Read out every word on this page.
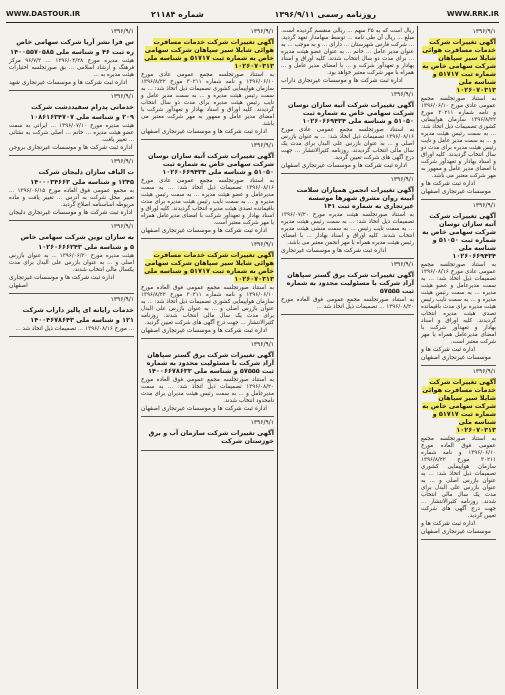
WWW.RRK.IR
روزنامه رسمی ۱۳۹۶/۹/۱۱
شماره ۲۱۱۸۴
WWW.DASTOUR.IR
۱۳۹۶/۹/۱
آگهی تغییرات شرکت خدمات مسافرت هوائی شایلا سیر سپاهان شرکت سهامی خاص به شماره ثبت ۵۱۷۱۷ و شناسه ملی ۱۰۲۶۰۷۰۳۱۳
به استناد صورتجلسه مجمع عمومی عادی مورخ ۱۳۹۶/۰۶/۱۰ و نامه شماره ۳۰۲۱۱ مورخ ۱۳۹۶/۸/۲۲ سازمان هواپیمایی کشوری تصمیمات ذیل اتخاذ شد: ... به سمت رئیس هیئت مدیره و ... به سمت مدیر عامل و نایب رئیس هیئت مدیره برای مدت دو سال انتخاب گردیدند. کلیه اوراق و اسناد بهادار و تعهدآور شرکت با امضای مدیر عامل و ممهور به مهر شرکت معتبر می باشد.
اداره ثبت شرکت ها و موسسات غیرتجاری اصفهان
۱۳۹۶/۹/۱
آگهی تغییرات شرکت آتیه سازان نوسان شرکت سهامی خاص به شماره ثبت ۵۱۰۵۰ و شناسه ملی ۱۰۲۶۰۶۶۹۴۳۴
به استناد صورتجلسه مجمع عمومی عادی مورخ ۱۳۹۶/۰۸/۱۶ تصمیمات ذیل اتخاذ شد: ... به سمت مدیرعامل و عضو هیئت مدیره ... به سمت رئیس هیئت مدیره و ... به سمت نایب رئیس هیئت مدیره برای مدت باقیمانده تصدی هیئت مدیره انتخاب گردیدند. کلیه اوراق و اسناد بهادار و تعهدآور شرکت با امضای مدیرعامل همراه با مهر شرکت معتبر است.
اداره ثبت شرکت ها و موسسات غیرتجاری اصفهان
۱۳۹۶/۹/۱
آگهی تغییرات شرکت خدمات مسافرت هوائی شایلا سیر سپاهان شرکت سهامی خاص به شماره ثبت ۵۱۷۱۷ و شناسه ملی ۱۰۲۶۰۷۰۳۱۳
به استناد صورتجلسه مجمع عمومی فوق العاده مورخ ۱۳۹۶/۰۶/۱۰ و نامه شماره ۳۰۲۱۱ مورخ ۱۳۹۶/۸/۲۲ سازمان هواپیمایی کشوری تصمیمات ذیل اتخاذ شد: ... به عنوان بازرس اصلی و ... به عنوان بازرس علی البدل برای مدت یک سال مالی انتخاب شدند. روزنامه کثیرالانتشار ... جهت درج آگهی های شرکت تعیین گردید.
اداره ثبت شرکت ها و موسسات غیرتجاری اصفهان
ریال است که به ۳۵ سهم ... ریالی منقسم گردیده است. مبلغ ... ریال آن طی نامه ... توسط سهامدار تعهد گردید. ... شرکت فارس شهرستان ... دارای ... و به موجب ... به عنوان مدیر عامل ... خانم ... به عنوان عضو هیئت مدیره ... برای مدت دو سال انتخاب شدند. کلیه اوراق و اسناد بهادار و تعهدآور شرکت و ... با امضای مدیر عامل و ... همراه با مهر شرکت معتبر خواهد بود.
اداره ثبت شرکت ها و موسسات غیرتجاری داراب
۱۳۹۶/۹/۱
آگهی تغییرات شرکت آتیه سازان نوسان شرکت سهامی خاص به شماره ثبت ۵۱۰۵۰ و شناسه ملی ۱۰۲۶۰۶۶۹۴۳۴
به استناد صورتجلسه مجمع عمومی عادی مورخ ۱۳۹۶/۰۸/۱۶ تصمیمات ذیل اتخاذ شد: ... به عنوان بازرس اصلی و ... به عنوان بازرس علی البدل برای مدت یک سال مالی انتخاب گردیدند. روزنامه کثیرالانتشار ... جهت درج آگهی های شرکت تعیین گردید.
اداره ثبت شرکت ها و موسسات غیرتجاری اصفهان
۱۳۹۶/۹/۱
آگهی تغییرات انجمن همیاران سلامت آیینه روان مشرق شهرها موسسه غیرتجاری به شماره ثبت ۱۴۱
به استناد صورتجلسه هیئت مدیره مورخ ۱۳۹۶/۰۷/۲۰ تصمیمات ذیل اتخاذ شد: ... به سمت رئیس هیئت مدیره ... به سمت نایب رئیس ... به سمت منشی هیئت مدیره انتخاب شدند. کلیه اوراق و اسناد بهادار ... با امضای رئیس هیئت مدیره همراه با مهر انجمن معتبر می باشد.
اداره ثبت شرکت ها و موسسات غیرتجاری
۱۳۹۶/۹/۱
آگهی تغییرات شرکت برق گستر سپاهان آراد شرکت با مسئولیت محدود به شماره ثبت ۵۷۵۵۵
به استناد صورتجلسه مجمع عمومی فوق العاده مورخ ۱۳۹۶/۰۸/۲۰ ... تصمیمات ذیل اتخاذ شد ...
۱۳۹۶/۹/۱
آگهی تغییرات شرکت خدمات مسافرت هوائی شایلا سیر سپاهان شرکت سهامی خاص به شماره ثبت ۵۱۷۱۷ و شناسه ملی ۱۰۲۶۰۷۰۳۱۳
به استناد صورتجلسه مجمع عمومی عادی مورخ ۱۳۹۶/۰۶/۱۰ و نامه شماره ۳۰۲۱۱ مورخ ۱۳۹۶/۸/۲۲ سازمان هواپیمایی کشوری تصمیمات ذیل اتخاذ شد: ... به سمت رئیس هیئت مدیره و ... به سمت مدیر عامل و نایب رئیس هیئت مدیره برای مدت دو سال انتخاب گردیدند. کلیه اوراق و اسناد بهادار و تعهدآور شرکت با امضای مدیر عامل و ممهور به مهر شرکت معتبر می باشد.
اداره ثبت شرکت ها و موسسات غیرتجاری اصفهان
۱۳۹۶/۹/۱
آگهی تغییرات شرکت آتیه سازان نوسان شرکت سهامی خاص به شماره ثبت ۵۱۰۵۰ و شناسه ملی ۱۰۲۶۰۶۶۹۴۳۴
به استناد صورتجلسه مجمع عمومی عادی مورخ ۱۳۹۶/۰۸/۱۶ تصمیمات ذیل اتخاذ شد: ... به سمت مدیرعامل و عضو هیئت مدیره ... به سمت رئیس هیئت مدیره و ... به سمت نایب رئیس هیئت مدیره برای مدت باقیمانده تصدی هیئت مدیره انتخاب گردیدند. کلیه اوراق و اسناد بهادار و تعهدآور شرکت با امضای مدیرعامل همراه با مهر شرکت معتبر است.
اداره ثبت شرکت ها و موسسات غیرتجاری اصفهان
۱۳۹۶/۹/۱
آگهی تغییرات شرکت خدمات مسافرت هوائی شایلا سیر سپاهان شرکت سهامی خاص به شماره ثبت ۵۱۷۱۷ و شناسه ملی ۱۰۲۶۰۷۰۳۱۳
به استناد صورتجلسه مجمع عمومی فوق العاده مورخ ۱۳۹۶/۰۶/۱۰ و نامه شماره ۳۰۲۱۱ مورخ ۱۳۹۶/۸/۲۲ سازمان هواپیمایی کشوری تصمیمات ذیل اتخاذ شد: ... به عنوان بازرس اصلی و ... به عنوان بازرس علی البدل برای مدت یک سال مالی انتخاب شدند. روزنامه کثیرالانتشار ... جهت درج آگهی های شرکت تعیین گردید.
اداره ثبت شرکت ها و موسسات غیرتجاری اصفهان
۱۳۹۶/۹/۱
آگهی تغییرات شرکت برق گستر سپاهان آراد شرکت با مسئولیت محدود به شماره ثبت ۵۷۵۵۵ و شناسه ملی ۱۴۰۰۶۶۷۸۶۳۳
به استناد صورتجلسه مجمع عمومی فوق العاده مورخ ۱۳۹۶/۰۸/۲۰ تصمیمات ذیل اتخاذ شد: ... به سمت مدیرعامل و ... به سمت رئیس هیئت مدیران برای مدت نامحدود انتخاب شدند.
اداره ثبت شرکت ها و موسسات غیرتجاری اصفهان
۱۳۹۶/۹/۱
آگهی تغییرات شرکت سازمان آب و برق خوزستان شرکت
۱۳۹۶/۹/۱
س فرا نشر آریا شرکت سهامی خاص
ره ثبت ۴۶ و شناسه ملی ۱۴۰۰۵۵۷۰۵۸۵
هیئت مدیره مورخ ۱۳۹۶/۰۴/۲۸ ... ۹۶/۷/۳ مرکز فرهنگ و ارشاد اسلامی ... بق صورتجلسه اختیارات هیئت مدیره به ...
اداره ثبت شرکت ها و موسسات غیرتجاری شهد
۱۳۹۶/۹/۱
خدماتی پدرام سفیددشت شرکت
۲۰۹ و شناسه ملی ۱۰۸۶۱۶۳۴۷۰۷
هیئت مدیره مورخ ۱۳۹۶/۰۷/۱۰ ... ایرانی به سمت عضو هیئت مدیره ... خانم ... اصلی شرکت به نشانی ... تغییر یافت.
اداره ثبت شرکت ها و موسسات غیرتجاری بروجن
۱۳۹۶/۹/۱
ت الیاف سازان دلیجان شرکت
۱۲۴۵ و شناسه ملی ۱۴۰۰۰۳۴۶۶۳
به مجمع عمومی فوق العاده مورخ ۱۳۹۶/۰۶/۱۵ ... تغییر محل شرکت به آدرس ... تغییر یافت و ماده مربوطه اساسنامه اصلاح گردید.
اداره ثبت شرکت ها و موسسات غیرتجاری دلیجان
۱۳۹۶/۹/۱
به سازان نوین شرکت سهامی خاص
۵ و شناسه ملی ۱۰۲۶۰۶۶۶۲۴۳
هیئت مدیره مورخ ۱۳۹۶/۰۶/۲۰ ... به عنوان بازرس اصلی و ... به عنوان بازرس علی البدل برای مدت یکسال مالی انتخاب شدند.
اداره ثبت شرکت ها و موسسات غیرتجاری اصفهان
۱۳۹۶/۹/۱
خدمات رایانه ای پالیز داراب شرکت
۱۲۱ و شناسه ملی ۱۴۰۰۴۶۷۸۶۴۳
... مورخ ۱۳۹۶/۰۸/۱۶ ... تصمیمات ذیل اتخاذ شد ...
